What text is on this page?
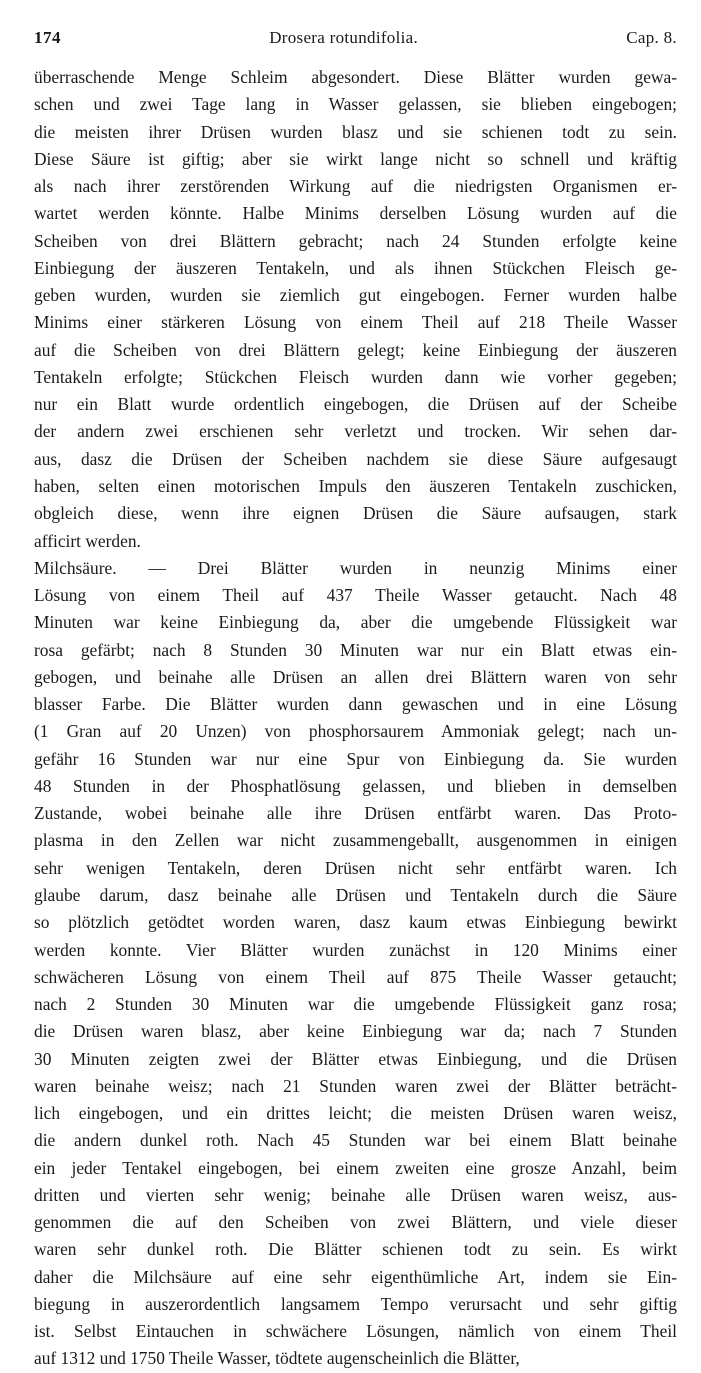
174	Drosera rotundifolia.	Cap. 8.
überraschende Menge Schleim abgesondert. Diese Blätter wurden gewa-
schen und zwei Tage lang in Wasser gelassen, sie blieben eingebogen;
die meisten ihrer Drüsen wurden blasz und sie schienen todt zu sein.
Diese Säure ist giftig; aber sie wirkt lange nicht so schnell und kräftig
als nach ihrer zerstörenden Wirkung auf die niedrigsten Organismen er-
wartet werden könnte. Halbe Minims derselben Lösung wurden auf die
Scheiben von drei Blättern gebracht; nach 24 Stunden erfolgte keine
Einbiegung der äuszeren Tentakeln, und als ihnen Stückchen Fleisch ge-
geben wurden, wurden sie ziemlich gut eingebogen. Ferner wurden halbe
Minims einer stärkeren Lösung von einem Theil auf 218 Theile Wasser
auf die Scheiben von drei Blättern gelegt; keine Einbiegung der äuszeren
Tentakeln erfolgte; Stückchen Fleisch wurden dann wie vorher gegeben;
nur ein Blatt wurde ordentlich eingebogen, die Drüsen auf der Scheibe
der andern zwei erschienen sehr verletzt und trocken. Wir sehen dar-
aus, dasz die Drüsen der Scheiben nachdem sie diese Säure aufgesaugt
haben, selten einen motorischen Impuls den äuszeren Tentakeln zuschicken,
obgleich diese, wenn ihre eignen Drüsen die Säure aufsaugen, stark
afficirt werden.
Milchsäure. — Drei Blätter wurden in neunzig Minims einer
Lösung von einem Theil auf 437 Theile Wasser getaucht. Nach 48
Minuten war keine Einbiegung da, aber die umgebende Flüssigkeit war
rosa gefärbt; nach 8 Stunden 30 Minuten war nur ein Blatt etwas ein-
gebogen, und beinahe alle Drüsen an allen drei Blättern waren von sehr
blasser Farbe. Die Blätter wurden dann gewaschen und in eine Lösung
(1 Gran auf 20 Unzen) von phosphorsaurem Ammoniak gelegt; nach un-
gefähr 16 Stunden war nur eine Spur von Einbiegung da. Sie wurden
48 Stunden in der Phosphatlösung gelassen, und blieben in demselben
Zustande, wobei beinahe alle ihre Drüsen entfärbt waren. Das Proto-
plasma in den Zellen war nicht zusammengeballt, ausgenommen in einigen
sehr wenigen Tentakeln, deren Drüsen nicht sehr entfärbt waren. Ich
glaube darum, dasz beinahe alle Drüsen und Tentakeln durch die Säure
so plötzlich getödtet worden waren, dasz kaum etwas Einbiegung bewirkt
werden konnte. Vier Blätter wurden zunächst in 120 Minims einer
schwächeren Lösung von einem Theil auf 875 Theile Wasser getaucht;
nach 2 Stunden 30 Minuten war die umgebende Flüssigkeit ganz rosa;
die Drüsen waren blasz, aber keine Einbiegung war da; nach 7 Stunden
30 Minuten zeigten zwei der Blätter etwas Einbiegung, und die Drüsen
waren beinahe weisz; nach 21 Stunden waren zwei der Blätter beträcht-
lich eingebogen, und ein drittes leicht; die meisten Drüsen waren weisz,
die andern dunkel roth. Nach 45 Stunden war bei einem Blatt beinahe
ein jeder Tentakel eingebogen, bei einem zweiten eine grosze Anzahl, beim
dritten und vierten sehr wenig; beinahe alle Drüsen waren weisz, aus-
genommen die auf den Scheiben von zwei Blättern, und viele dieser
waren sehr dunkel roth. Die Blätter schienen todt zu sein. Es wirkt
daher die Milchsäure auf eine sehr eigenthümliche Art, indem sie Ein-
biegung in auszerordentlich langsamem Tempo verursacht und sehr giftig
ist. Selbst Eintauchen in schwächere Lösungen, nämlich von einem Theil
auf 1312 und 1750 Theile Wasser, tödtete augenscheinlich die Blätter,
